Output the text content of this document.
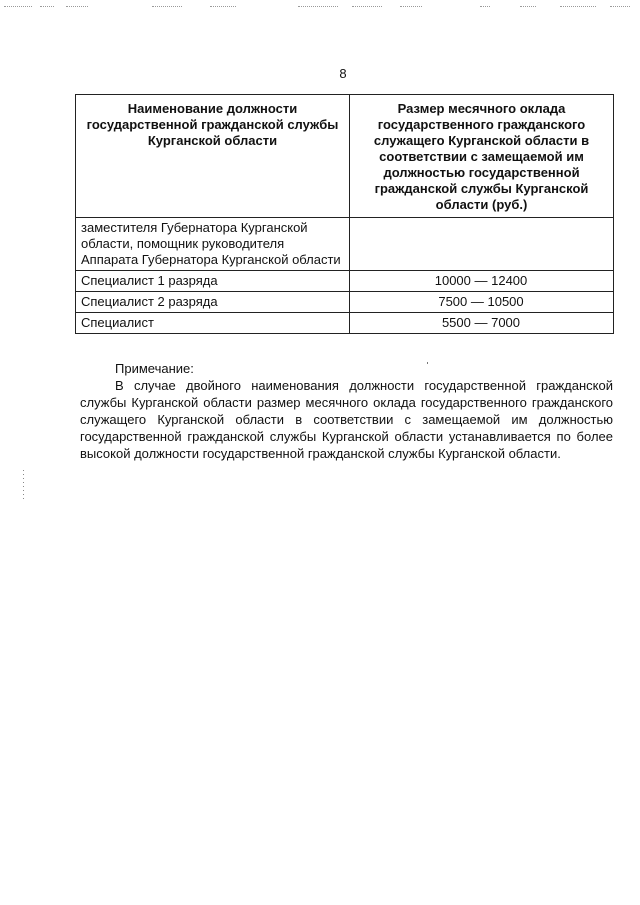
8
Наименование должности государственной гражданской службы Курганской области	Размер месячного оклада государственного гражданского служащего Курганской области в соответствии с замещаемой им должностью государственной гражданской службы Курганской области (руб.)
заместителя Губернатора Курганской области, помощник руководителя Аппарата Губернатора Курганской области	
Специалист 1 разряда	10000 — 12400
Специалист 2 разряда	7500 — 10500
Специалист	5500 — 7000
Примечание:

В случае двойного наименования должности государственной гражданской службы Курганской области размер месячного оклада государственного гражданского служащего Курганской области в соответствии с замещаемой им должностью государственной гражданской службы Курганской области устанавливается по более высокой должности государственной гражданской службы Курганской области.
